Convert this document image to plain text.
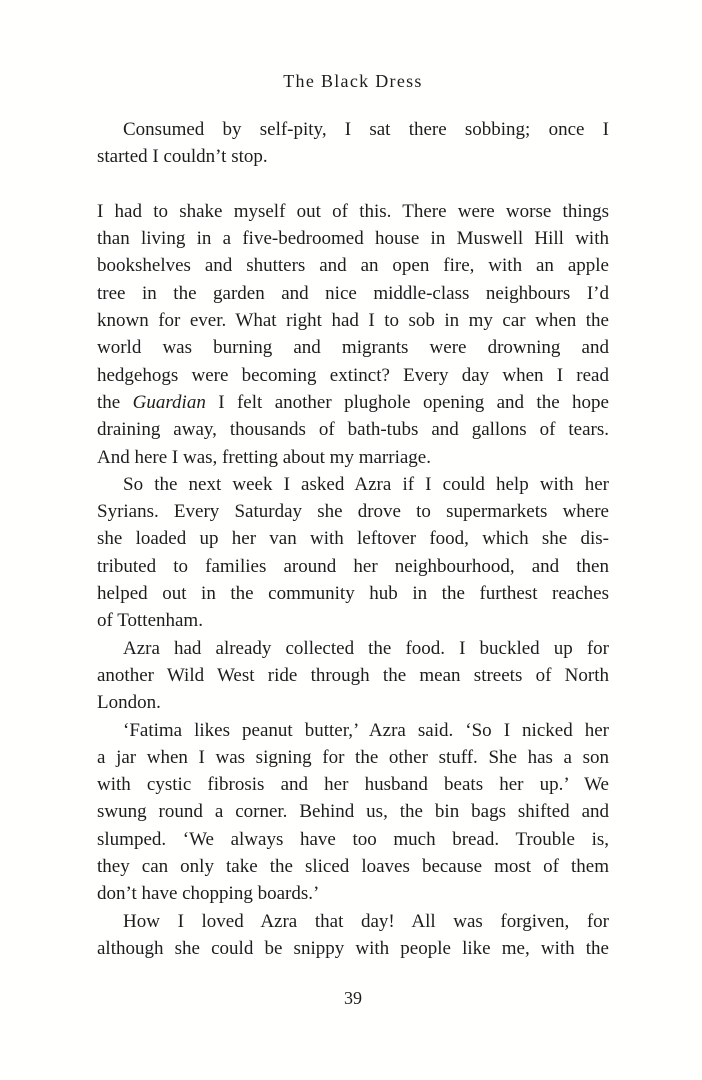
The Black Dress
Consumed by self-pity, I sat there sobbing; once I
started I couldn’t stop.
I had to shake myself out of this. There were worse things
than living in a five-bedroomed house in Muswell Hill with
bookshelves and shutters and an open fire, with an apple
tree in the garden and nice middle-class neighbours I’d
known for ever. What right had I to sob in my car when the
world was burning and migrants were drowning and
hedgehogs were becoming extinct? Every day when I read
the Guardian I felt another plughole opening and the hope
draining away, thousands of bath-tubs and gallons of tears.
And here I was, fretting about my marriage.
So the next week I asked Azra if I could help with her
Syrians. Every Saturday she drove to supermarkets where
she loaded up her van with leftover food, which she dis-
tributed to families around her neighbourhood, and then
helped out in the community hub in the furthest reaches
of Tottenham.
Azra had already collected the food. I buckled up for
another Wild West ride through the mean streets of North
London.
‘Fatima likes peanut butter,’ Azra said. ‘So I nicked her
a jar when I was signing for the other stuff. She has a son
with cystic fibrosis and her husband beats her up.’ We
swung round a corner. Behind us, the bin bags shifted and
slumped. ‘We always have too much bread. Trouble is,
they can only take the sliced loaves because most of them
don’t have chopping boards.’
How I loved Azra that day! All was forgiven, for
although she could be snippy with people like me, with the
39
